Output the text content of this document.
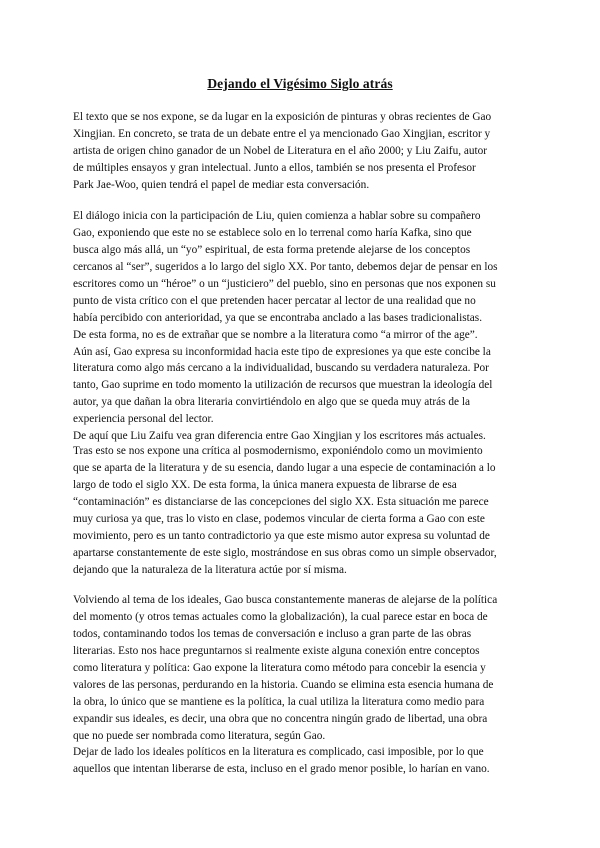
Dejando el Vigésimo Siglo atrás
El texto que se nos expone, se da lugar en la exposición de pinturas y obras recientes de Gao
Xingjian. En concreto, se trata de un debate entre el ya mencionado Gao Xingjian, escritor y
artista de origen chino ganador de un Nobel de Literatura en el año 2000; y Liu Zaifu, autor
de múltiples ensayos y gran intelectual. Junto a ellos, también se nos presenta el Profesor
Park Jae-Woo, quien tendrá el papel de mediar esta conversación.
El diálogo inicia con la participación de Liu, quien comienza a hablar sobre su compañero
Gao, exponiendo que este no se establece solo en lo terrenal como haría Kafka, sino que
busca algo más allá, un “yo” espiritual, de esta forma pretende alejarse de los conceptos
cercanos al “ser”, sugeridos a lo largo del siglo XX. Por tanto, debemos dejar de pensar en los
escritores como un “héroe” o un “justiciero” del pueblo, sino en personas que nos exponen su
punto de vista crítico con el que pretenden hacer percatar al lector de una realidad que no
había percibido con anterioridad, ya que se encontraba anclado a las bases tradicionalistas.
De esta forma, no es de extrañar que se nombre a la literatura como “a mirror of the age”.
Aún así, Gao expresa su inconformidad hacia este tipo de expresiones ya que este concibe la
literatura como algo más cercano a la individualidad, buscando su verdadera naturaleza. Por
tanto, Gao suprime en todo momento la utilización de recursos que muestran la ideología del
autor, ya que dañan la obra literaria convirtiéndolo en algo que se queda muy atrás de la
experiencia personal del lector.
De aquí que Liu Zaifu vea gran diferencia entre Gao Xingjian y los escritores más actuales.
Tras esto se nos expone una crítica al posmodernismo, exponiéndolo como un movimiento
que se aparta de la literatura y de su esencia, dando lugar a una especie de contaminación a lo
largo de todo el siglo XX. De esta forma, la única manera expuesta de librarse de esa
“contaminación” es distanciarse de las concepciones del siglo XX. Esta situación me parece
muy curiosa ya que, tras lo visto en clase, podemos vincular de cierta forma a Gao con este
movimiento, pero es un tanto contradictorio ya que este mismo autor expresa su voluntad de
apartarse constantemente de este siglo, mostrándose en sus obras como un simple observador,
dejando que la naturaleza de la literatura actúe por sí misma.
Volviendo al tema de los ideales, Gao busca constantemente maneras de alejarse de la política
del momento (y otros temas actuales como la globalización), la cual parece estar en boca de
todos, contaminando todos los temas de conversación e incluso a gran parte de las obras
literarias. Esto nos hace preguntarnos si realmente existe alguna conexión entre conceptos
como literatura y política: Gao expone la literatura como método para concebir la esencia y
valores de las personas, perdurando en la historia. Cuando se elimina esta esencia humana de
la obra, lo único que se mantiene es la política, la cual utiliza la literatura como medio para
expandir sus ideales, es decir, una obra que no concentra ningún grado de libertad, una obra
que no puede ser nombrada como literatura, según Gao.
Dejar de lado los ideales políticos en la literatura es complicado, casi imposible, por lo que
aquellos que intentan liberarse de esta, incluso en el grado menor posible, lo harían en vano.
